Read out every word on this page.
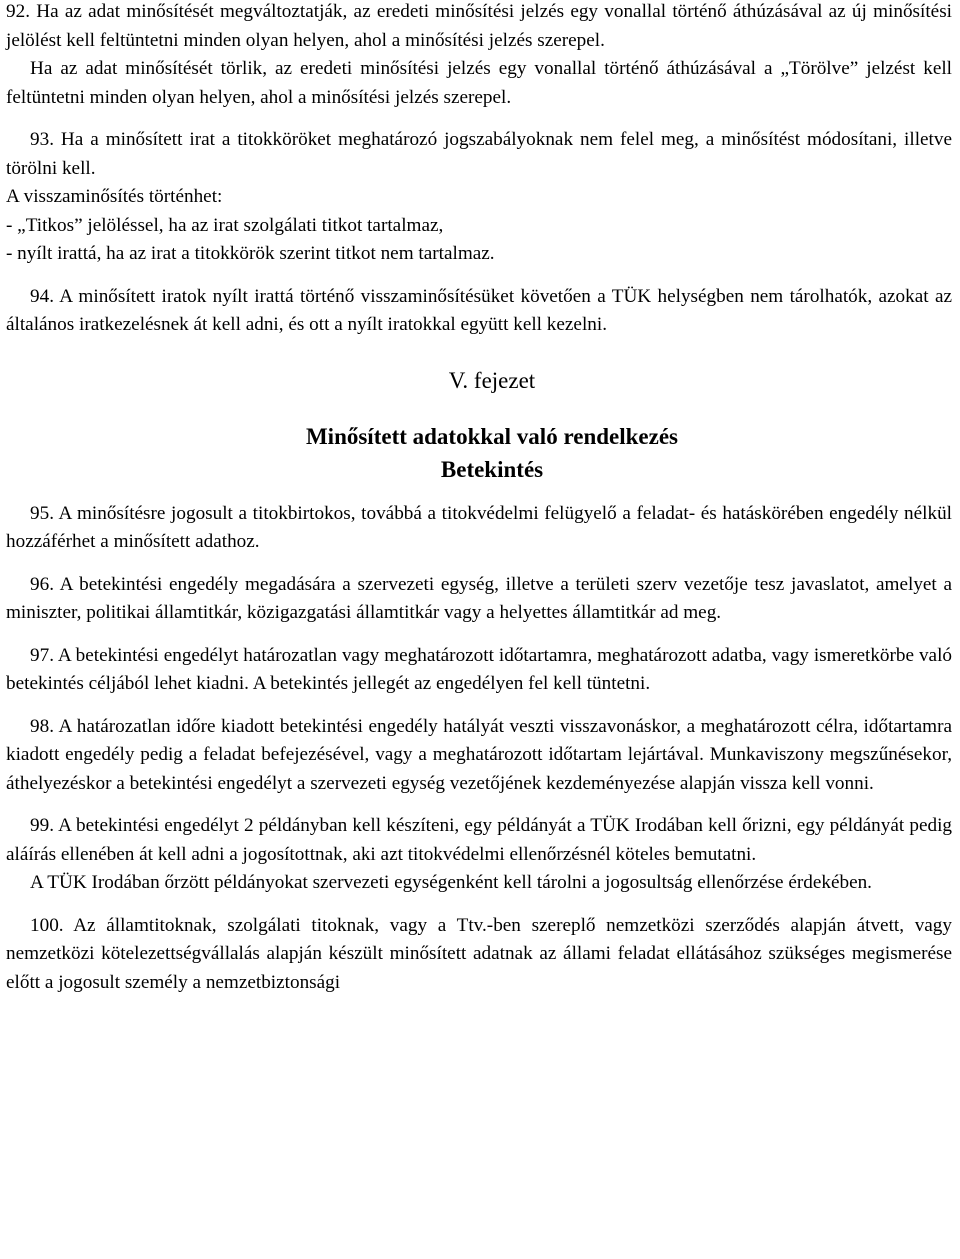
92. Ha az adat minősítését megváltoztatják, az eredeti minősítési jelzés egy vonallal történő áthúzásával az új minősítési jelölést kell feltüntetni minden olyan helyen, ahol a minősítési jelzés szerepel.

Ha az adat minősítését törlik, az eredeti minősítési jelzés egy vonallal történő áthúzásával a „Törölve” jelzést kell feltüntetni minden olyan helyen, ahol a minősítési jelzés szerepel.

93. Ha a minősített irat a titokköröket meghatározó jogszabályoknak nem felel meg, a minősítést módosítani, illetve törölni kell.

A visszaminősítés történhet:

- „Titkos” jelöléssel, ha az irat szolgálati titkot tartalmaz,

- nyílt irattá, ha az irat a titokkörök szerint titkot nem tartalmaz.

94. A minősített iratok nyílt irattá történő visszaminősítésüket követően a TÜK helységben nem tárolhatók, azokat az általános iratkezelésnek át kell adni, és ott a nyílt iratokkal együtt kell kezelni.

V. fejezet
Minősített adatokkal való rendelkezés
Betekintés

95. A minősítésre jogosult a titokbirtokos, továbbá a titokvédelmi felügyelő a feladat- és hatáskörében engedély nélkül hozzáférhet a minősített adathoz.

96. A betekintési engedély megadására a szervezeti egység, illetve a területi szerv vezetője tesz javaslatot, amelyet a miniszter, politikai államtitkár, közigazgatási államtitkár vagy a helyettes államtitkár ad meg.

97. A betekintési engedélyt határozatlan vagy meghatározott időtartamra, meghatározott adatba, vagy ismeretkörbe való betekintés céljából lehet kiadni. A betekintés jellegét az engedélyen fel kell tüntetni.

98. A határozatlan időre kiadott betekintési engedély hatályát veszti visszavonáskor, a meghatározott célra, időtartamra kiadott engedély pedig a feladat befejezésével, vagy a meghatározott időtartam lejártával. Munkaviszony megszűnésekor, áthelyezéskor a betekintési engedélyt a szervezeti egység vezetőjének kezdeményezése alapján vissza kell vonni.

99. A betekintési engedélyt 2 példányban kell készíteni, egy példányát a TÜK Irodában kell őrizni, egy példányát pedig aláírás ellenében át kell adni a jogosítottnak, aki azt titokvédelmi ellenőrzésnél köteles bemutatni.

A TÜK Irodában őrzött példányokat szervezeti egységenként kell tárolni a jogosultság ellenőrzése érdekében.

100. Az államtitoknak, szolgálati titoknak, vagy a Ttv.-ben szereplő nemzetközi szerződés alapján átvett, vagy nemzetközi kötelezettségvállalás alapján készült minősített adatnak az állami feladat ellátásához szükséges megismerése előtt a jogosult személy a nemzetbiztonsági
